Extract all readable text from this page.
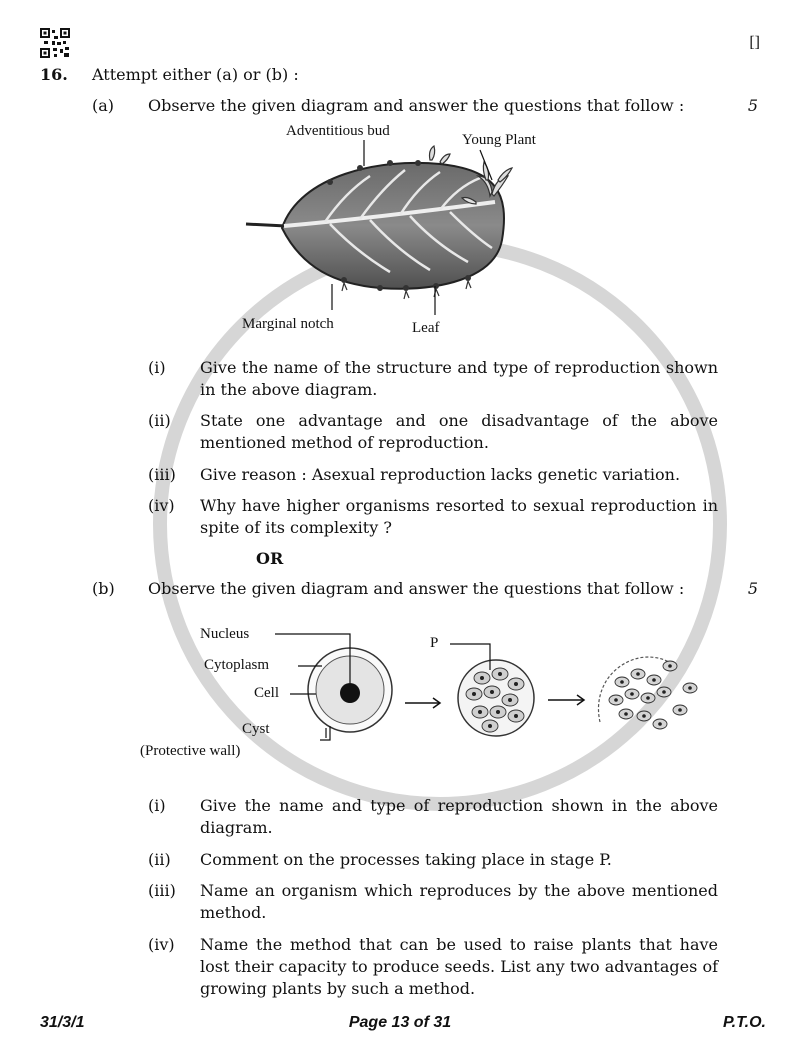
[]
16. Attempt either (a) or (b) :
(a) Observe the given diagram and answer the questions that follow :	5
Adventitious bud
Young Plant
Marginal notch	Leaf
(i) Give the name of the structure and type of reproduction shown in the above diagram.
(ii) State one advantage and one disadvantage of the above mentioned method of reproduction.
(iii) Give reason : Asexual reproduction lacks genetic variation.
(iv) Why have higher organisms resorted to sexual reproduction in spite of its complexity ?
OR
(b) Observe the given diagram and answer the questions that follow :	5
Nucleus
Cytoplasm
Cell
Cyst
(Protective wall)
P
(i) Give the name and type of reproduction shown in the above diagram.
(ii) Comment on the processes taking place in stage P.
(iii) Name an organism which reproduces by the above mentioned method.
(iv) Name the method that can be used to raise plants that have lost their capacity to produce seeds. List any two advantages of growing plants by such a method.
31/3/1	Page 13 of 31	P.T.O.
